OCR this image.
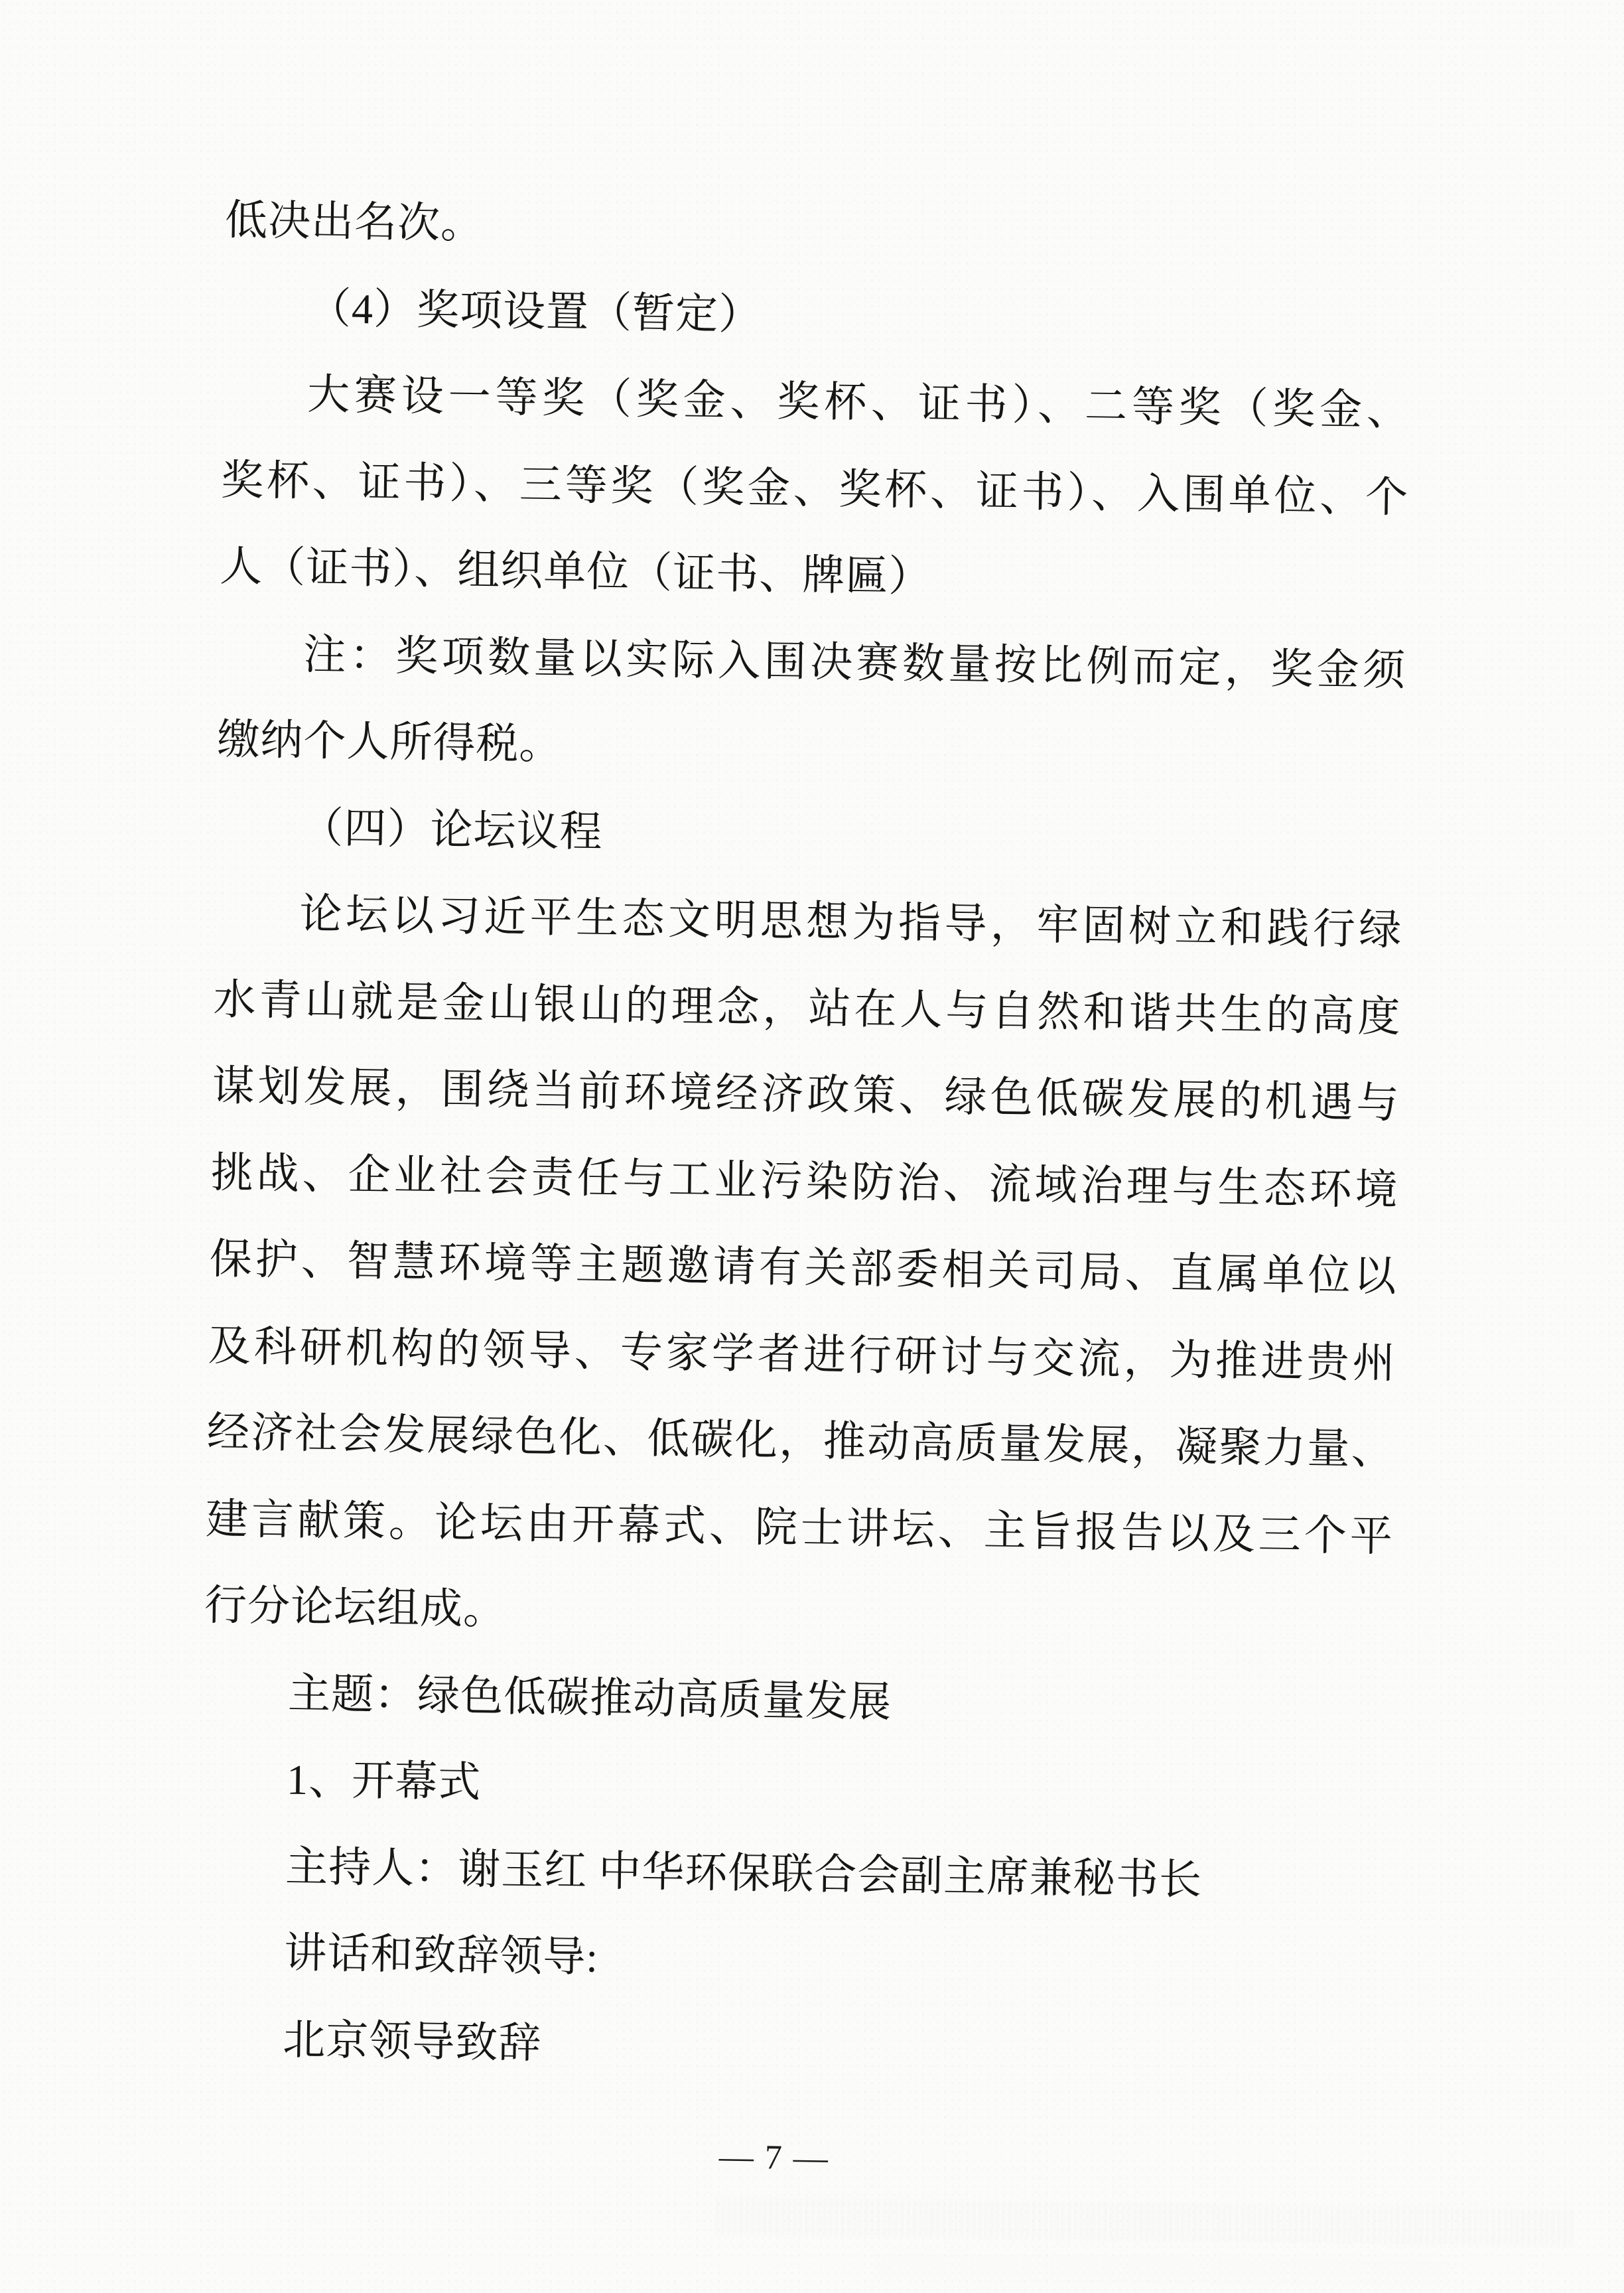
低决出名次。
（4）奖项设置（暂定）
大赛设一等奖（奖金、奖杯、证书）、二等奖（奖金、
奖杯、证书）、三等奖（奖金、奖杯、证书）、入围单位、个
人（证书）、组织单位（证书、牌匾）
注：奖项数量以实际入围决赛数量按比例而定，奖金须
缴纳个人所得税。
（四）论坛议程
论坛以习近平生态文明思想为指导，牢固树立和践行绿
水青山就是金山银山的理念，站在人与自然和谐共生的高度
谋划发展，围绕当前环境经济政策、绿色低碳发展的机遇与
挑战、企业社会责任与工业污染防治、流域治理与生态环境
保护、智慧环境等主题邀请有关部委相关司局、直属单位以
及科研机构的领导、专家学者进行研讨与交流，为推进贵州
经济社会发展绿色化、低碳化，推动高质量发展，凝聚力量、
建言献策。论坛由开幕式、院士讲坛、主旨报告以及三个平
行分论坛组成。
主题：绿色低碳推动高质量发展
1、开幕式
主持人：谢玉红 中华环保联合会副主席兼秘书长
讲话和致辞领导:
北京领导致辞
— 7 —
